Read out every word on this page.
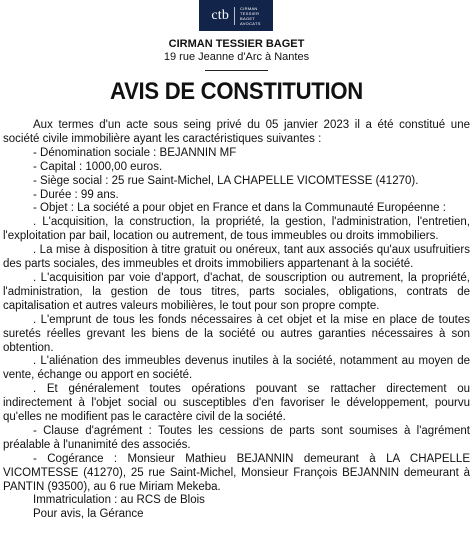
ctb	CIRMAN
TESSIER
BAGET
AVOCATS
CIRMAN TESSIER BAGET
19 rue Jeanne d'Arc à Nantes
AVIS DE CONSTITUTION

Aux termes d'un acte sous seing privé du 05 janvier 2023 il a été constitué une société civile immobilière ayant les caractéristiques suivantes :

- Dénomination sociale : BEJANNIN MF

- Capital : 1000,00 euros.

- Siège social : 25 rue Saint-Michel, LA CHAPELLE VICOMTESSE (41270).

- Durée : 99 ans.

- Objet : La société a pour objet en France et dans la Communauté Européenne :

. L'acquisition, la construction, la propriété, la gestion, l'administration, l'entretien, l'exploitation par bail, location ou autrement, de tous immeubles ou droits immobiliers.

. La mise à disposition à titre gratuit ou onéreux, tant aux associés qu'aux usufruitiers des parts sociales, des immeubles et droits immobiliers appartenant à la société.

. L'acquisition par voie d'apport, d'achat, de souscription ou autrement, la propriété, l'administration, la gestion de tous titres, parts sociales, obligations, contrats de capitalisation et autres valeurs mobilières, le tout pour son propre compte.

. L'emprunt de tous les fonds nécessaires à cet objet et la mise en place de toutes suretés réelles grevant les biens de la société ou autres garanties nécessaires à son obtention.

. L'aliénation des immeubles devenus inutiles à la société, notamment au moyen de vente, échange ou apport en société.

. Et généralement toutes opérations pouvant se rattacher directement ou indirectement à l'objet social ou susceptibles d'en favoriser le développement, pourvu qu'elles ne modifient pas le caractère civil de la société.

- Clause d'agrément : Toutes les cessions de parts sont soumises à l'agrément préalable à l'unanimité des associés.

- Cogérance : Monsieur Mathieu BEJANNIN demeurant à LA CHAPELLE VICOMTESSE (41270), 25 rue Saint-Michel, Monsieur François BEJANNIN demeurant à PANTIN (93500), au 6 rue Miriam Mekeba.

Immatriculation : au RCS de Blois

Pour avis, la Gérance
